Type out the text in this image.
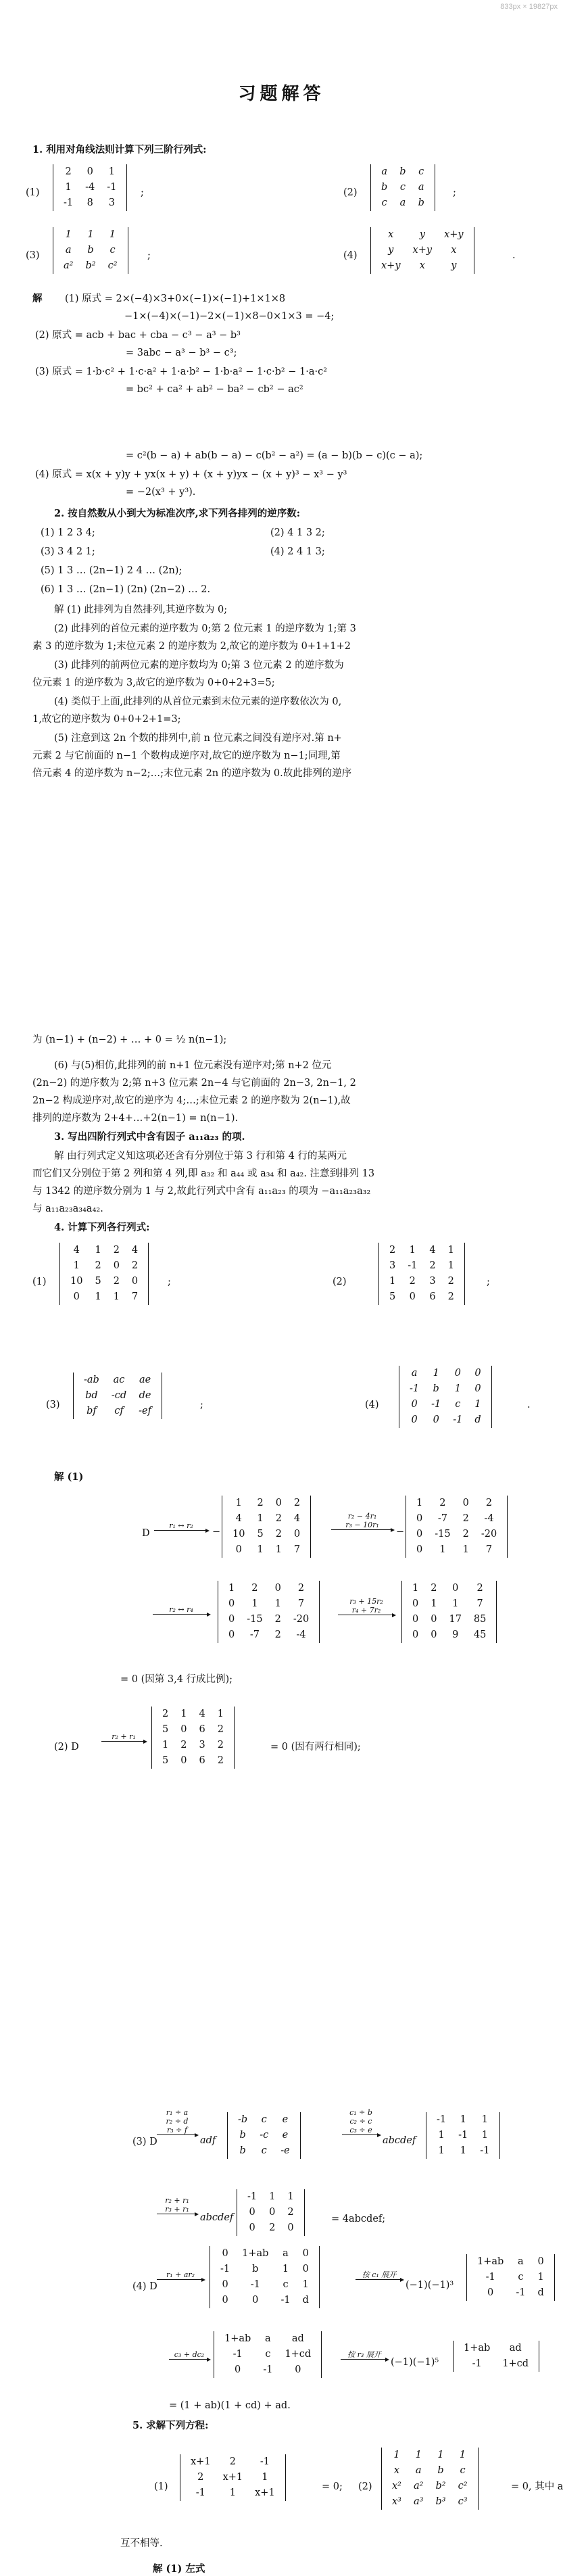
833px × 19827px
习题解答
1. 利用对角线法则计算下列三阶行列式:
(1)
2	0	1
1	-4	-1
-1	8	3
;	(2)
a	b	c
b	c	a
c	a	b
;
(3)
1	1	1
a	b	c
a²	b²	c²
;	(4)
x	y	x+y
y	x+y	x
x+y	x	y
.
解 (1) 原式 = 2×(−4)×3+0×(−1)×(−1)+1×1×8
−1×(−4)×(−1)−2×(−1)×8−0×1×3 = −4;
(2) 原式 = acb + bac + cba − c³ − a³ − b³
= 3abc − a³ − b³ − c³;
(3) 原式 = 1·b·c² + 1·c·a² + 1·a·b² − 1·b·a² − 1·c·b² − 1·a·c²
= bc² + ca² + ab² − ba² − cb² − ac²
= c²(b − a) + ab(b − a) − c(b² − a²) = (a − b)(b − c)(c − a);
(4) 原式 = x(x + y)y + yx(x + y) + (x + y)yx − (x + y)³ − x³ − y³
= −2(x³ + y³).
2. 按自然数从小到大为标准次序,求下列各排列的逆序数:
(1) 1 2 3 4;	(2) 4 1 3 2;
(3) 3 4 2 1;	(4) 2 4 1 3;
(5) 1 3 … (2n−1) 2 4 … (2n);
(6) 1 3 … (2n−1) (2n) (2n−2) … 2.
解 (1) 此排列为自然排列,其逆序数为 0;
(2) 此排列的首位元素的逆序数为 0;第 2 位元素 1 的逆序数为 1;第 3
素 3 的逆序数为 1;末位元素 2 的逆序数为 2,故它的逆序数为 0+1+1+2
(3) 此排列的前两位元素的逆序数均为 0;第 3 位元素 2 的逆序数为
位元素 1 的逆序数为 3,故它的逆序数为 0+0+2+3=5;
(4) 类似于上面,此排列的从首位元素到末位元素的逆序数依次为 0,
1,故它的逆序数为 0+0+2+1=3;
(5) 注意到这 2n 个数的排列中,前 n 位元素之间没有逆序对.第 n+
元素 2 与它前面的 n−1 个数构成逆序对,故它的逆序数为 n−1;同理,第
倍元素 4 的逆序数为 n−2;…;末位元素 2n 的逆序数为 0.故此排列的逆序
为 (n−1) + (n−2) + … + 0 = ½ n(n−1);
(6) 与(5)相仿,此排列的前 n+1 位元素没有逆序对;第 n+2 位元
(2n−2) 的逆序数为 2;第 n+3 位元素 2n−4 与它前面的 2n−3, 2n−1, 2
2n−2 构成逆序对,故它的逆序为 4;…;末位元素 2 的逆序数为 2(n−1),故
排列的逆序数为 2+4+…+2(n−1) = n(n−1).
3. 写出四阶行列式中含有因子 a₁₁a₂₃ 的项.
解 由行列式定义知这项必还含有分别位于第 3 行和第 4 行的某两元
而它们又分别位于第 2 列和第 4 列,即 a₃₂ 和 a₄₄ 或 a₃₄ 和 a₄₂. 注意到排列 13
与 1342 的逆序数分别为 1 与 2,故此行列式中含有 a₁₁a₂₃ 的项为 −a₁₁a₂₃a₃₂
与 a₁₁a₂₃a₃₄a₄₂.
4. 计算下列各行列式:
(1)
4	1	2	4
1	2	0	2
10	5	2	0
0	1	1	7
;	(2)
2	1	4	1
3	-1	2	1
1	2	3	2
5	0	6	2
;
(3)
-ab	ac	ae
bd	-cd	de
bf	cf	-ef
;	(4)
a	1	0	0
-1	b	1	0
0	-1	c	1
0	0	-1	d
.
解 (1)
D
r₁ ↔ r₂
−
1	2	0	2
4	1	2	4
10	5	2	0
0	1	1	7
r₂ − 4r₁
r₃ − 10r₁
−
1	2	0	2
0	-7	2	-4
0	-15	2	-20
0	1	1	7
r₂ ↔ r₄
1	2	0	2
0	1	1	7
0	-15	2	-20
0	-7	2	-4
r₃ + 15r₂
r₄ + 7r₂
1	2	0	2
0	1	1	7
0	0	17	85
0	0	9	45
= 0 (因第 3,4 行成比例);
(2) D
r₂ + r₁
2	1	4	1
5	0	6	2
1	2	3	2
5	0	6	2
= 0 (因有两行相同);
(3) D
r₁ ÷ a
r₂ ÷ d
r₃ ÷ f
adf
-b	c	e
b	-c	e
b	c	-e
c₁ ÷ b
c₂ ÷ c
c₃ ÷ e
abcdef
-1	1	1
1	-1	1
1	1	-1
r₂ + r₁
r₃ + r₁
abcdef
-1	1	1
0	0	2
0	2	0
= 4abcdef;
(4) D
r₁ + ar₂
0	1+ab	a	0
-1	b	1	0
0	-1	c	1
0	0	-1	d
按 c₁ 展开
(−1)(−1)³
1+ab	a	0
-1	c	1
0	-1	d
c₃ + dc₂
1+ab	a	ad
-1	c	1+cd
0	-1	0
按 r₃ 展开
(−1)(−1)⁵
1+ab	ad
-1	1+cd
= (1 + ab)(1 + cd) + ad.
5. 求解下列方程:
(1)
x+1	2	-1
2	x+1	1
-1	1	x+1
= 0; (2)
1	1	1	1
x	a	b	c
x²	a²	b²	c²
x³	a³	b³	c³
= 0, 其中 a
互不相等.
解 (1) 左式
